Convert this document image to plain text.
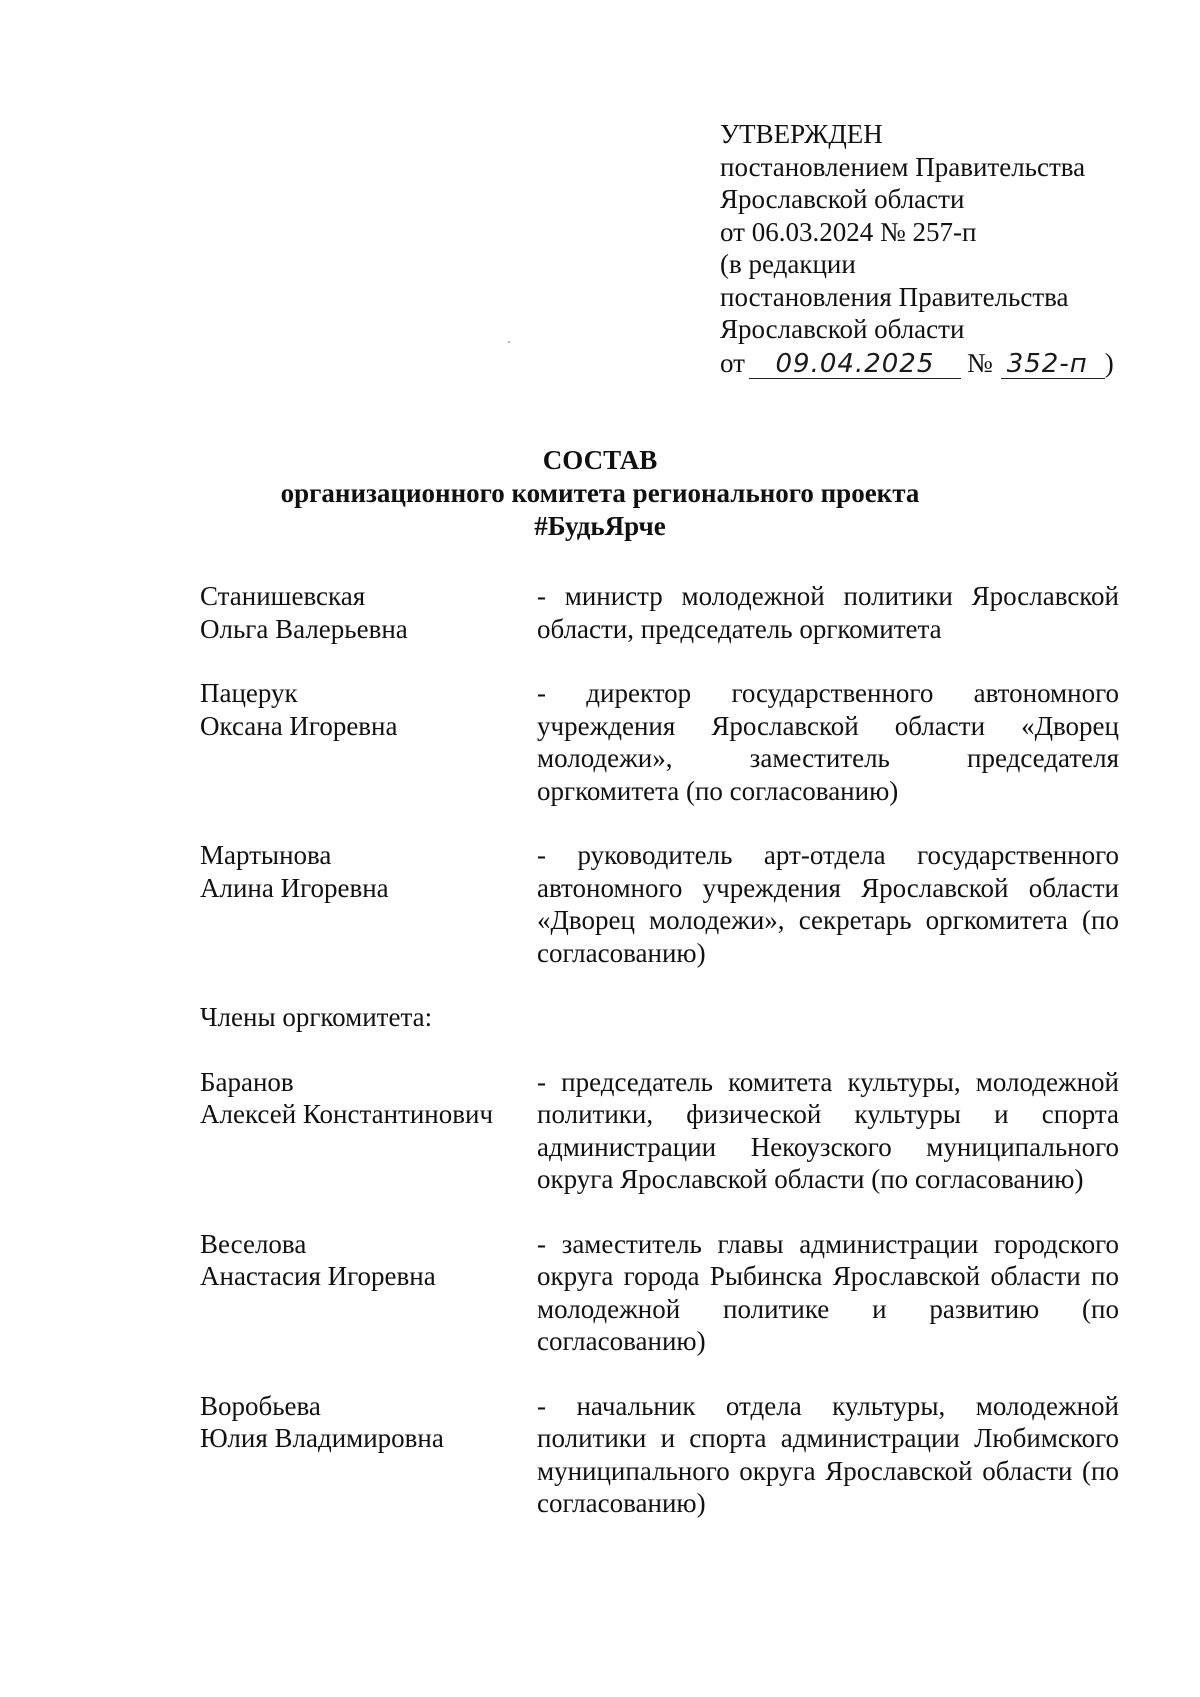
УТВЕРЖДЕН
постановлением Правительства
Ярославской области
от 06.03.2024 № 257-п
(в редакции
постановления Правительства
Ярославской области
от 09.04.2025 № 352-п )
СОСТАВ
организационного комитета регионального проекта
#БудьЯрче
Станишевская
Ольга Валерьевна
- министр молодежной политики Ярославской области, председатель оргкомитета
Пацерук
Оксана Игоревна
- директор государственного автономного учреждения Ярославской области «Дворец молодежи», заместитель председателя оргкомитета (по согласованию)
Мартынова
Алина Игоревна
- руководитель арт-отдела государственного автономного учреждения Ярославской области «Дворец молодежи», секретарь оргкомитета (по согласованию)
Члены оргкомитета:
Баранов
Алексей Константинович
- председатель комитета культуры, молодежной политики, физической культуры и спорта администрации Некоузского муниципального округа Ярославской области (по согласованию)
Веселова
Анастасия Игоревна
- заместитель главы администрации городского округа города Рыбинска Ярославской области по молодежной политике и развитию (по согласованию)
Воробьева
Юлия Владимировна
- начальник отдела культуры, молодежной политики и спорта администрации Любимского муниципального округа Ярославской области (по согласованию)
